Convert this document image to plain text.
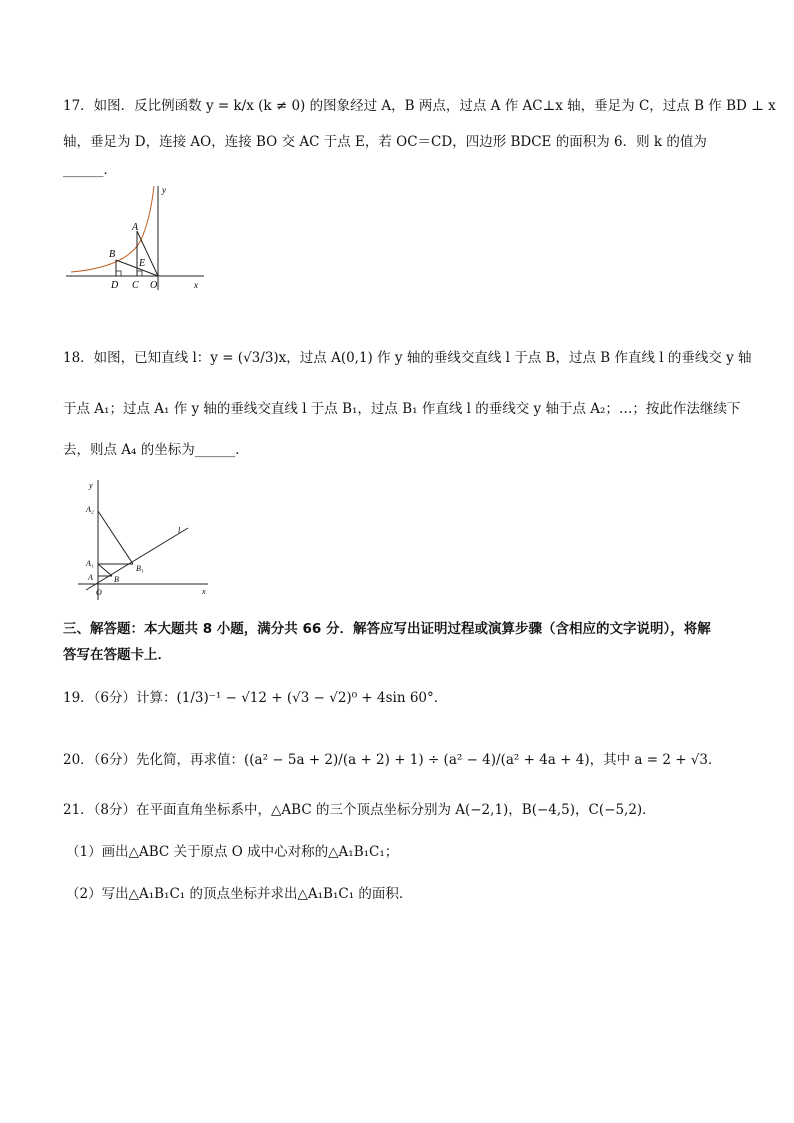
17．如图．反比例函数 y = k/x (k ≠ 0) 的图象经过 A，B 两点，过点 A 作 AC⊥x 轴，垂足为 C，过点 B 作 BD ⊥ x
轴，垂足为 D，连接 AO，连接 BO 交 AC 于点 E，若 OC＝CD，四边形 BDCE 的面积为 6．则 k 的值为
______．
A
B
C
D
E
O	x
y
18．如图，已知直线 l：y = (√3/3)x，过点 A(0,1) 作 y 轴的垂线交直线 l 于点 B，过点 B 作直线 l 的垂线交 y 轴
于点 A₁；过点 A₁ 作 y 轴的垂线交直线 l 于点 B₁，过点 B₁ 作直线 l 的垂线交 y 轴于点 A₂；…；按此作法继续下
去，则点 A₄ 的坐标为______．
A
A₁
A₂
B
B₁
O
l
x
y
三、解答题：本大题共 8 小题，满分共 66 分．解答应写出证明过程或演算步骤（含相应的文字说明），将解
答写在答题卡上．
19．（6分）计算：(1/3)⁻¹ − √12 + (√3 − √2)⁰ + 4sin 60°．
20．（6分）先化简，再求值：((a² − 5a + 2)/(a + 2) + 1) ÷ (a² − 4)/(a² + 4a + 4)，其中 a = 2 + √3．
21．（8分）在平面直角坐标系中，△ABC 的三个顶点坐标分别为 A(−2,1)，B(−4,5)，C(−5,2)．
（1）画出△ABC 关于原点 O 成中心对称的△A₁B₁C₁；
（2）写出△A₁B₁C₁ 的顶点坐标并求出△A₁B₁C₁ 的面积．
